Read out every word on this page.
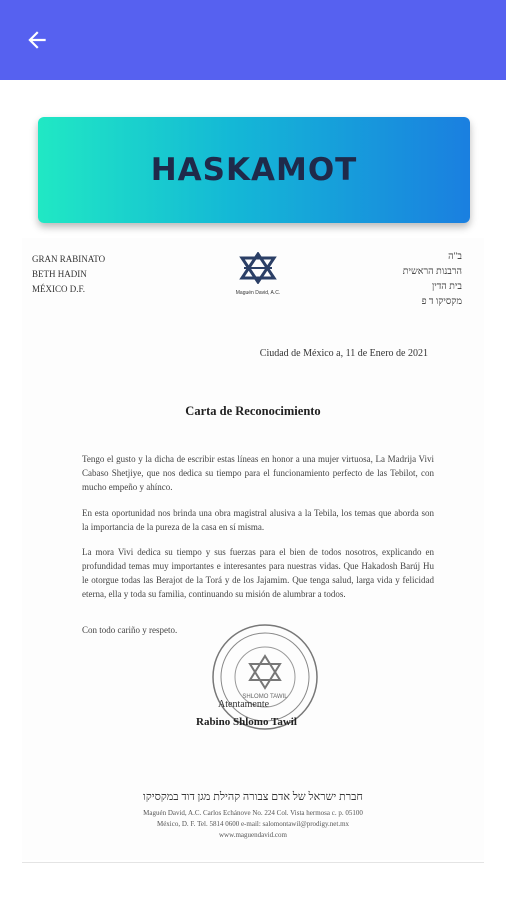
HASKAMOT
GRAN RABINATO
BETH HADIN
MÉXICO D.F.	Maguén David, A.C.
ב"ה
הרבנות הראשית
בית הדין
מקסיקו ד פ
Ciudad de México a, 11 de Enero de 2021
Carta de Reconocimiento
Tengo el gusto y la dicha de escribir estas líneas en honor a una mujer virtuosa, La Madrija Vivi Cabaso Shetjiye, que nos dedica su tiempo para el funcionamiento perfecto de las Tebilot, con mucho empeño y ahínco.
En esta oportunidad nos brinda una obra magistral alusiva a la Tebila, los temas que aborda son la importancia de la pureza de la casa en sí misma.
La mora Vivi dedica su tiempo y sus fuerzas para el bien de todos nosotros, explicando en profundidad temas muy importantes e interesantes para nuestras vidas. Que Hakadosh Barúj Hu le otorgue todas las Berajot de la Torá y de los Jajamim. Que tenga salud, larga vida y felicidad eterna, ella y toda su familia, continuando su misión de alumbrar a todos.
Con todo cariño y respeto.
SHLOMO TAWIL
Atentamente
Rabino Shlomo Tawil
חברת ישראל של אדם צבורה קהילת מגן דוד במקסיקו
Maguén David, A.C. Carlos Echánove No. 224 Col. Vista hermosa c. p. 05100
México, D. F. Tel. 5814 0600 e-mail: salomontawil@prodigy.net.mx
www.maguendavid.com
